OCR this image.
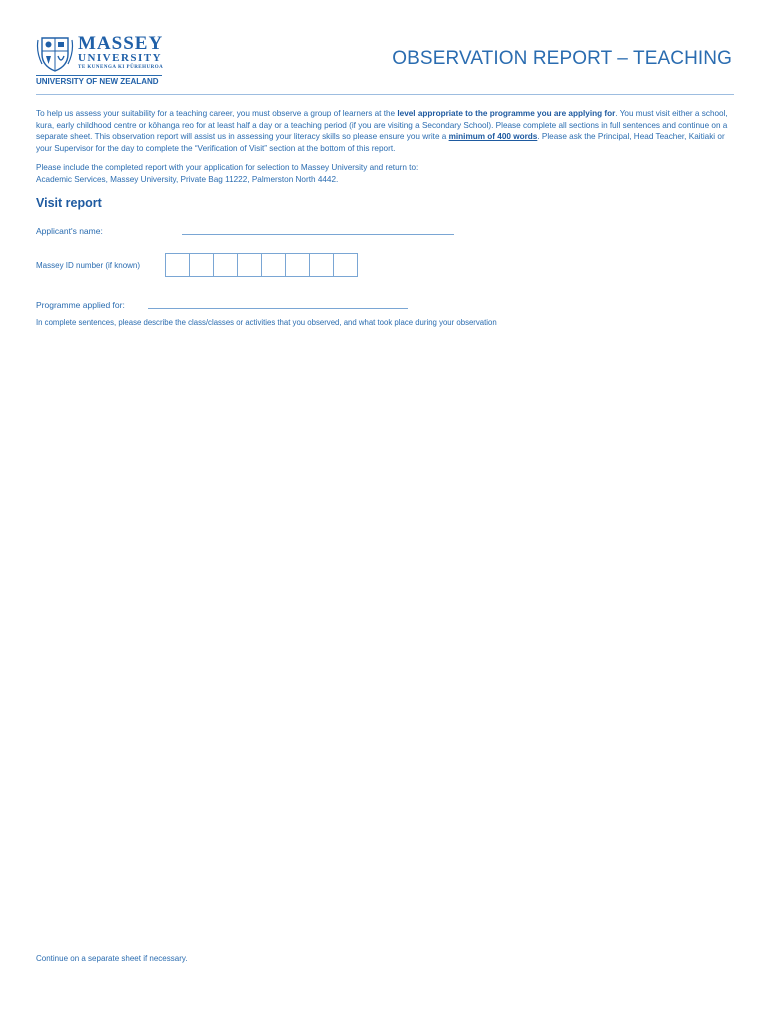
MASSEY
UNIVERSITY
TE KUNENGA KI PŪREHUROA
UNIVERSITY OF NEW ZEALAND
OBSERVATION REPORT – TEACHING
To help us assess your suitability for a teaching career, you must observe a group of learners at the level appropriate to the programme you are applying for. You must visit either a school, kura, early childhood centre or kōhanga reo for at least half a day or a teaching period (if you are visiting a Secondary School). Please complete all sections in full sentences and continue on a separate sheet. This observation report will assist us in assessing your literacy skills so please ensure you write a minimum of 400 words. Please ask the Principal, Head Teacher, Kaitiaki or your Supervisor for the day to complete the “Verification of Visit” section at the bottom of this report.
Please include the completed report with your application for selection to Massey University and return to:
Academic Services, Massey University, Private Bag 11222, Palmerston North 4442.
Visit report
Applicant's name:
Massey ID number (if known)
Programme applied for:
In complete sentences, please describe the class/classes or activities that you observed, and what took place during your observation
Continue on a separate sheet if necessary.
